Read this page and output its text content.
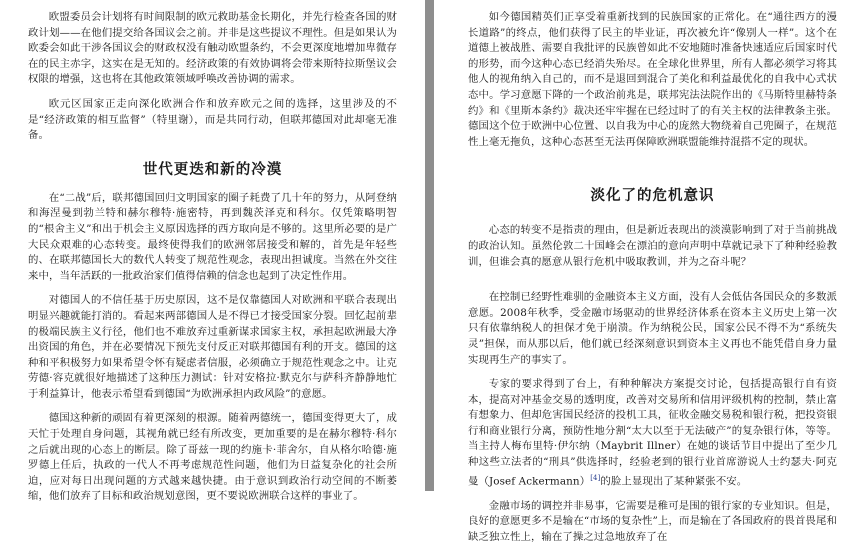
欧盟委员会计划将有时间限制的欧元救助基金长期化，并先行检查各国的财政计划——在他们提交给各国议会之前。并非是这些提议不理性。但是如果认为欧委会如此干涉各国议会的财政权没有触动欧盟条约，不会更深度地增加卑微存在的民主赤字，这实在是无知的。经济政策的有效协调将会带来斯特拉斯堡议会权限的增强，这也将在其他政策领域呼唤改善协调的需求。

欧元区国家正走向深化欧洲合作和放弃欧元之间的选择，这里涉及的不是“经济政策的相互监督”（特里谢），而是共同行动，但联邦德国对此却毫无准备。

世代更迭和新的冷漠

在“二战”后，联邦德国回归文明国家的圈子耗费了几十年的努力，从阿登纳和海涅曼到勃兰特和赫尔穆特·施密特，再到魏茨泽克和科尔。仅凭策略明智的“根舍主义”和出于机会主义原因选择的西方取向是不够的。这里所必要的是广大民众艰难的心态转变。最终使得我们的欧洲邻居接受和解的，首先是年轻些的、在联邦德国长大的数代人转变了规范性观念，表现出担诚度。当然在外交往来中，当年活跃的一批政治家们值得信赖的信念也起到了决定性作用。

对德国人的不信任基于历史原因，这不是仅靠德国人对欧洲和平联合表现出明显兴趣就能打消的。看起来两部德国人是不得已才接受国家分裂。回忆起前辈的极端民族主义行径，他们也不难放弃过重新谋求国家主权，承担起欧洲最大净出资国的角色，并在必要情况下预先支付反正对联邦德国有利的开支。德国的这种和平积极努力如果希望令怀有疑虑者信服，必须确立于规范性观念之中。让克劳德·容克就很好地描述了这种压力测试：针对安格拉·默克尔与萨科齐静静地忙于利益算计，他表示希望看到德国“为欧洲承担内政风险”的意愿。

德国这种新的顽固有着更深刻的根源。随着两德统一，德国变得更大了，成天忙于处理自身问题，其视角就已经有所改变，更加重要的是在赫尔穆特·科尔之后就出现的心态上的断层。除了哥兹一现的约施卡·菲舍尔，自从格尔哈德·施罗德上任后，执政的一代人不再考虑规范性问题，他们为日益复杂化的社会所迫，应对每日出现问题的方式越来越快捷。由于意识到政治行动空间的不断萎缩，他们放弃了目标和政治规划意图，更不要说欧洲联合这样的事业了。

如今德国精英们正享受着重新找到的民族国家的正常化。在“通往西方的漫长道路”的终点，他们获得了民主的毕业证，再次被允许“像别人一样”。这个在道德上被战胜、需要自我批评的民族曾如此不安地随时准备快速适应后国家时代的形势，而今这种心态已经消失殆尽。在全球化世界里，所有人都必须学习将其他人的视角纳入自己的，而不是退回到混合了美化和利益最优化的自我中心式状态中。学习意愿下降的一个政治前兆是，联邦宪法法院作出的《马斯特里赫特条约》和《里斯本条约》裁决还牢牢握在已经过时了的有关主权的法律教条主张。德国这个位于欧洲中心位置、以自我为中心的庞然大物绕着自己兜圈子，在规范性上毫无拖负，这种心态甚至无法再保障欧洲联盟能维持混搭不定的现状。

淡化了的危机意识

心态的转变不是指责的理由，但是新近表现出的淡漠影响到了对于当前挑战的政治认知。虽然伦敦二十国峰会在漂泊的意向声明中草就记录下了种种经验教训，但谁会真的愿意从银行危机中吸取教训，并为之奋斗呢？

在控制已经野性难驯的金融资本主义方面，没有人会低估各国民众的多数派意愿。2008年秋季，受金融市场驱动的世界经济体系在资本主义历史上第一次只有依靠纳税人的担保才免于崩溃。作为纳税公民，国家公民不得不为“系统失灵”担保，而从那以后，他们就已经深刻意识到资本主义再也不能凭借自身力量实现再生产的事实了。

专家的要求得到了台上，有种种解决方案提交讨论，包括提高银行自有资本，提高对冲基金交易的透明度，改善对交易所和信用评级机构的控制，禁止富有想象力、但却危害国民经济的投机工具，征收金融交易税和银行税，把投资银行和商业银行分离，预防性地分割“太大以至于无法破产”的复杂银行体，等等。当主持人梅布里特·伊尔纳（Maybrit Illner）在她的谈话节目中提出了至少几种这些立法者的“刑具”供选择时，经验老到的银行业首席游说人士约瑟夫·阿克曼（Josef Ackermann）[4]的脸上显现出了某种紧张不安。

金融市场的调控并非易事，它需要是稚可是围的银行家的专业知识。但是，良好的意愿更多不是输在“市场的复杂性”上，而是输在了各国政府的畏首畏尾和缺乏独立性上，输在了操之过急地放弃了在
